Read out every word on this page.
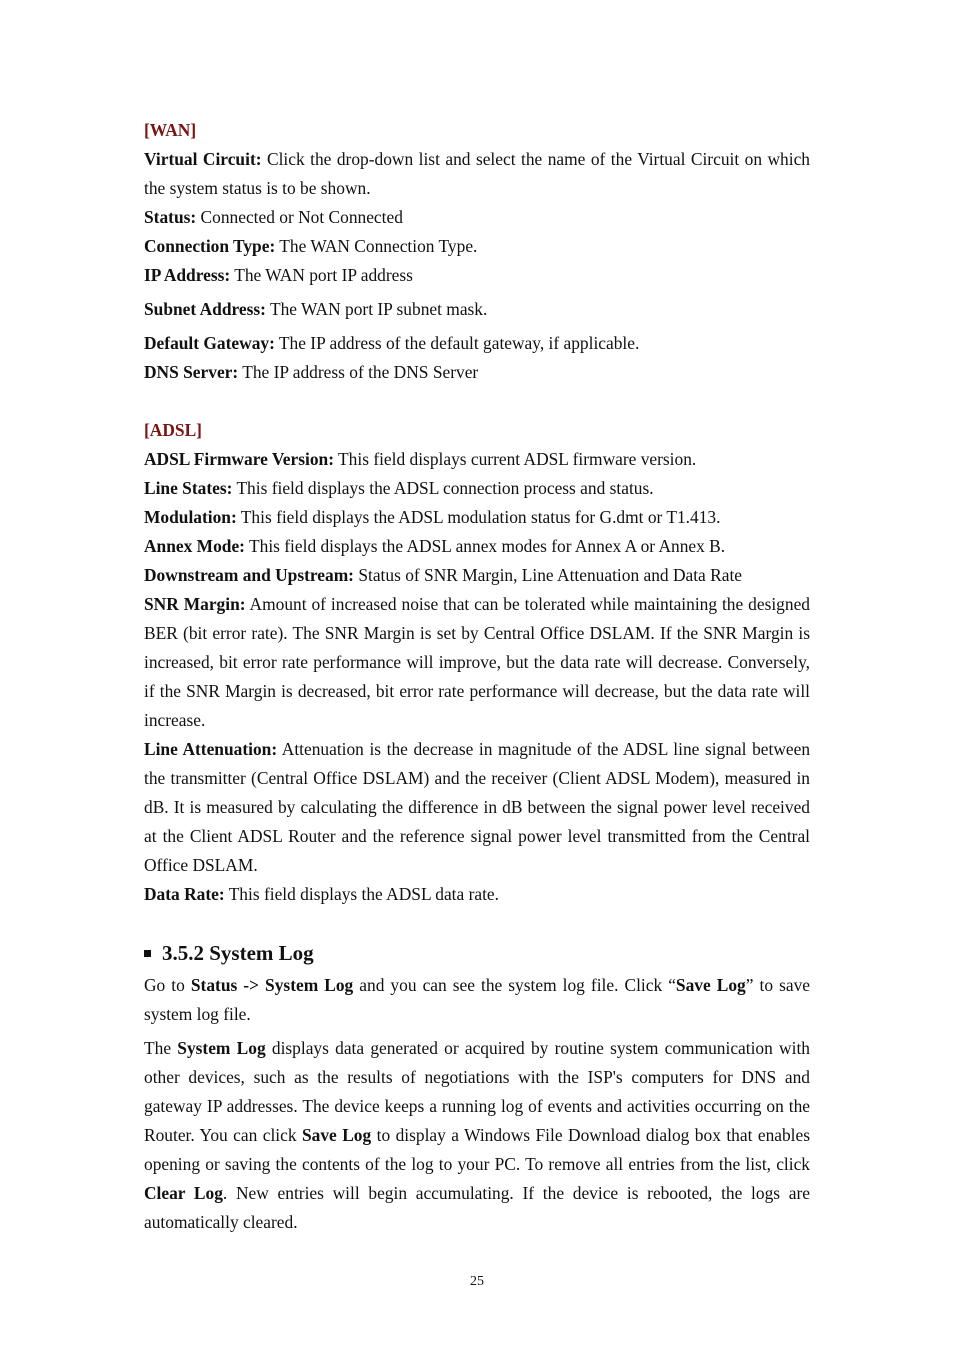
[WAN]

Virtual Circuit: Click the drop-down list and select the name of the Virtual Circuit on which the system status is to be shown.

Status: Connected or Not Connected

Connection Type: The WAN Connection Type.

IP Address: The WAN port IP address

Subnet Address: The WAN port IP subnet mask.

Default Gateway: The IP address of the default gateway, if applicable.

DNS Server: The IP address of the DNS Server

[ADSL]

ADSL Firmware Version: This field displays current ADSL firmware version.

Line States: This field displays the ADSL connection process and status.

Modulation: This field displays the ADSL modulation status for G.dmt or T1.413.

Annex Mode: This field displays the ADSL annex modes for Annex A or Annex B.

Downstream and Upstream: Status of SNR Margin, Line Attenuation and Data Rate

SNR Margin: Amount of increased noise that can be tolerated while maintaining the designed BER (bit error rate). The SNR Margin is set by Central Office DSLAM. If the SNR Margin is increased, bit error rate performance will improve, but the data rate will decrease. Conversely, if the SNR Margin is decreased, bit error rate performance will decrease, but the data rate will increase.

Line Attenuation: Attenuation is the decrease in magnitude of the ADSL line signal between the transmitter (Central Office DSLAM) and the receiver (Client ADSL Modem), measured in dB. It is measured by calculating the difference in dB between the signal power level received at the Client ADSL Router and the reference signal power level transmitted from the Central Office DSLAM.

Data Rate: This field displays the ADSL data rate.

3.5.2 System Log

Go to Status -> System Log and you can see the system log file. Click “Save Log” to save system log file.

The System Log displays data generated or acquired by routine system communication with other devices, such as the results of negotiations with the ISP's computers for DNS and gateway IP addresses. The device keeps a running log of events and activities occurring on the Router. You can click Save Log to display a Windows File Download dialog box that enables opening or saving the contents of the log to your PC. To remove all entries from the list, click Clear Log. New entries will begin accumulating. If the device is rebooted, the logs are automatically cleared.

25
